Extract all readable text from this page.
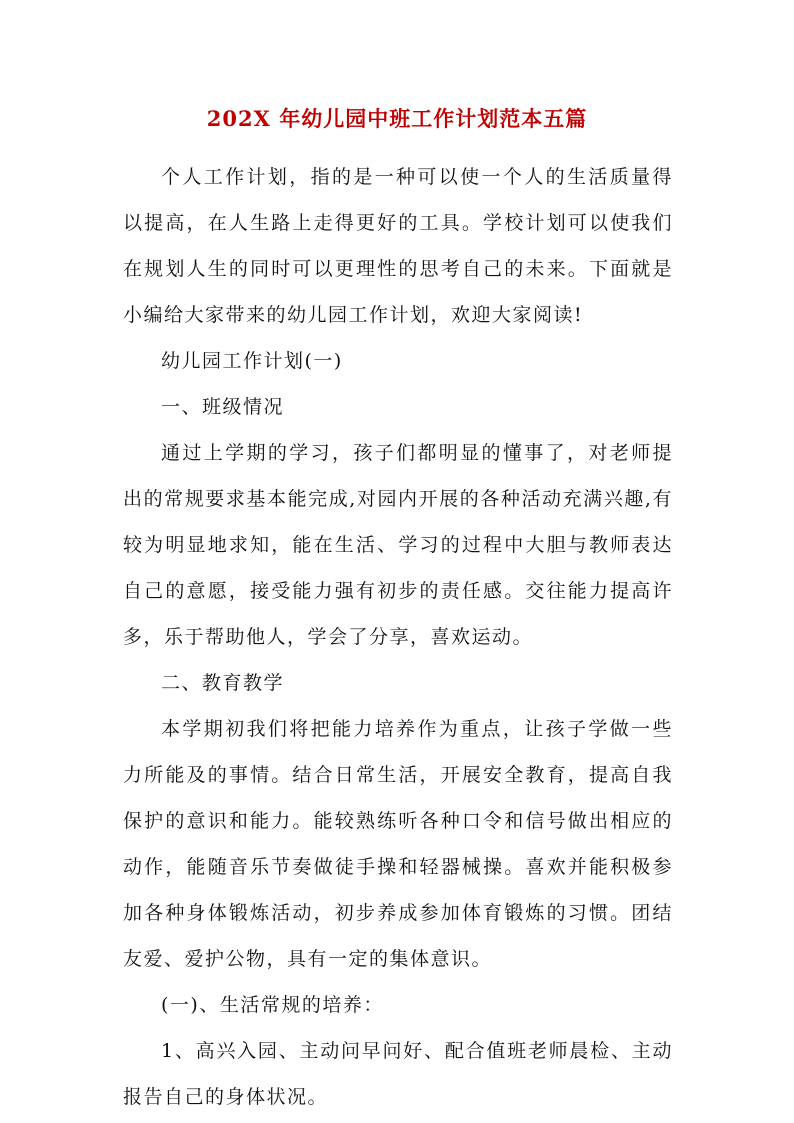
202X 年幼儿园中班工作计划范本五篇

个人工作计划，指的是一种可以使一个人的生活质量得以提高，在人生路上走得更好的工具。学校计划可以使我们在规划人生的同时可以更理性的思考自己的未来。下面就是小编给大家带来的幼儿园工作计划，欢迎大家阅读!

幼儿园工作计划(一)

一、班级情况

通过上学期的学习，孩子们都明显的懂事了，对老师提出的常规要求基本能完成,对园内开展的各种活动充满兴趣,有较为明显地求知，能在生活、学习的过程中大胆与教师表达自己的意愿，接受能力强有初步的责任感。交往能力提高许多，乐于帮助他人，学会了分享，喜欢运动。

二、教育教学

本学期初我们将把能力培养作为重点，让孩子学做一些力所能及的事情。结合日常生活，开展安全教育，提高自我保护的意识和能力。能较熟练听各种口令和信号做出相应的动作，能随音乐节奏做徒手操和轻器械操。喜欢并能积极参加各种身体锻炼活动，初步养成参加体育锻炼的习惯。团结友爱、爱护公物，具有一定的集体意识。

(一)、生活常规的培养：

1、高兴入园、主动问早问好、配合值班老师晨检、主动报告自己的身体状况。
